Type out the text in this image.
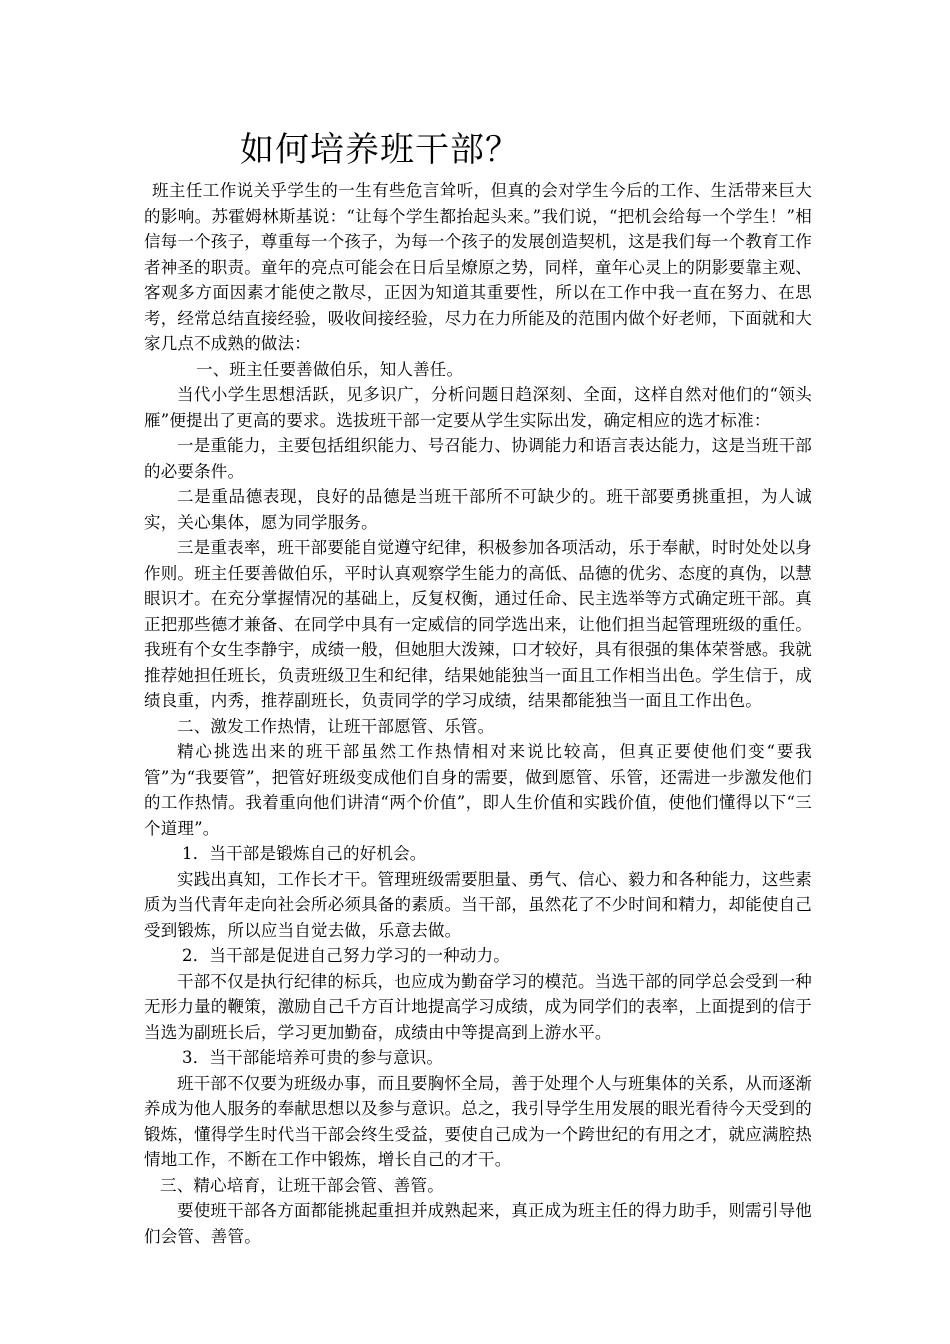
如何培养班干部？

班主任工作说关乎学生的一生有些危言耸听，但真的会对学生今后的工作、生活带来巨大的影响。苏霍姆林斯基说：“让每个学生都抬起头来。”我们说，“把机会给每一个学生！”相信每一个孩子，尊重每一个孩子，为每一个孩子的发展创造契机，这是我们每一个教育工作者神圣的职责。童年的亮点可能会在日后呈燎原之势，同样，童年心灵上的阴影要靠主观、客观多方面因素才能使之散尽，正因为知道其重要性，所以在工作中我一直在努力、在思考，经常总结直接经验，吸收间接经验，尽力在力所能及的范围内做个好老师，下面就和大家几点不成熟的做法：

一、班主任要善做伯乐，知人善任。

当代小学生思想活跃，见多识广，分析问题日趋深刻、全面，这样自然对他们的“领头雁”便提出了更高的要求。选拔班干部一定要从学生实际出发，确定相应的选才标准：

一是重能力，主要包括组织能力、号召能力、协调能力和语言表达能力，这是当班干部的必要条件。

二是重品德表现，良好的品德是当班干部所不可缺少的。班干部要勇挑重担，为人诚实，关心集体，愿为同学服务。

三是重表率，班干部要能自觉遵守纪律，积极参加各项活动，乐于奉献，时时处处以身作则。班主任要善做伯乐，平时认真观察学生能力的高低、品德的优劣、态度的真伪，以慧眼识才。在充分掌握情况的基础上，反复权衡，通过任命、民主选举等方式确定班干部。真正把那些德才兼备、在同学中具有一定威信的同学选出来，让他们担当起管理班级的重任。我班有个女生李静宇，成绩一般，但她胆大泼辣，口才较好，具有很强的集体荣誉感。我就推荐她担任班长，负责班级卫生和纪律，结果她能独当一面且工作相当出色。学生信于，成绩良重，内秀，推荐副班长，负责同学的学习成绩，结果都能独当一面且工作出色。

二、激发工作热情，让班干部愿管、乐管。

精心挑选出来的班干部虽然工作热情相对来说比较高，但真正要使他们变“要我管”为“我要管”，把管好班级变成他们自身的需要，做到愿管、乐管，还需进一步激发他们的工作热情。我着重向他们讲清“两个价值”，即人生价值和实践价值，使他们懂得以下“三个道理”。

1．当干部是锻炼自己的好机会。

实践出真知，工作长才干。管理班级需要胆量、勇气、信心、毅力和各种能力，这些素质为当代青年走向社会所必须具备的素质。当干部，虽然花了不少时间和精力，却能使自己受到锻炼，所以应当自觉去做，乐意去做。

2．当干部是促进自己努力学习的一种动力。

干部不仅是执行纪律的标兵，也应成为勤奋学习的模范。当选干部的同学总会受到一种无形力量的鞭策，激励自己千方百计地提高学习成绩，成为同学们的表率，上面提到的信于当选为副班长后，学习更加勤奋，成绩由中等提高到上游水平。

3．当干部能培养可贵的参与意识。

班干部不仅要为班级办事，而且要胸怀全局，善于处理个人与班集体的关系，从而逐渐养成为他人服务的奉献思想以及参与意识。总之，我引导学生用发展的眼光看待今天受到的锻炼，懂得学生时代当干部会终生受益，要使自己成为一个跨世纪的有用之才，就应满腔热情地工作，不断在工作中锻炼，增长自己的才干。

三、精心培育，让班干部会管、善管。

要使班干部各方面都能挑起重担并成熟起来，真正成为班主任的得力助手，则需引导他们会管、善管。
